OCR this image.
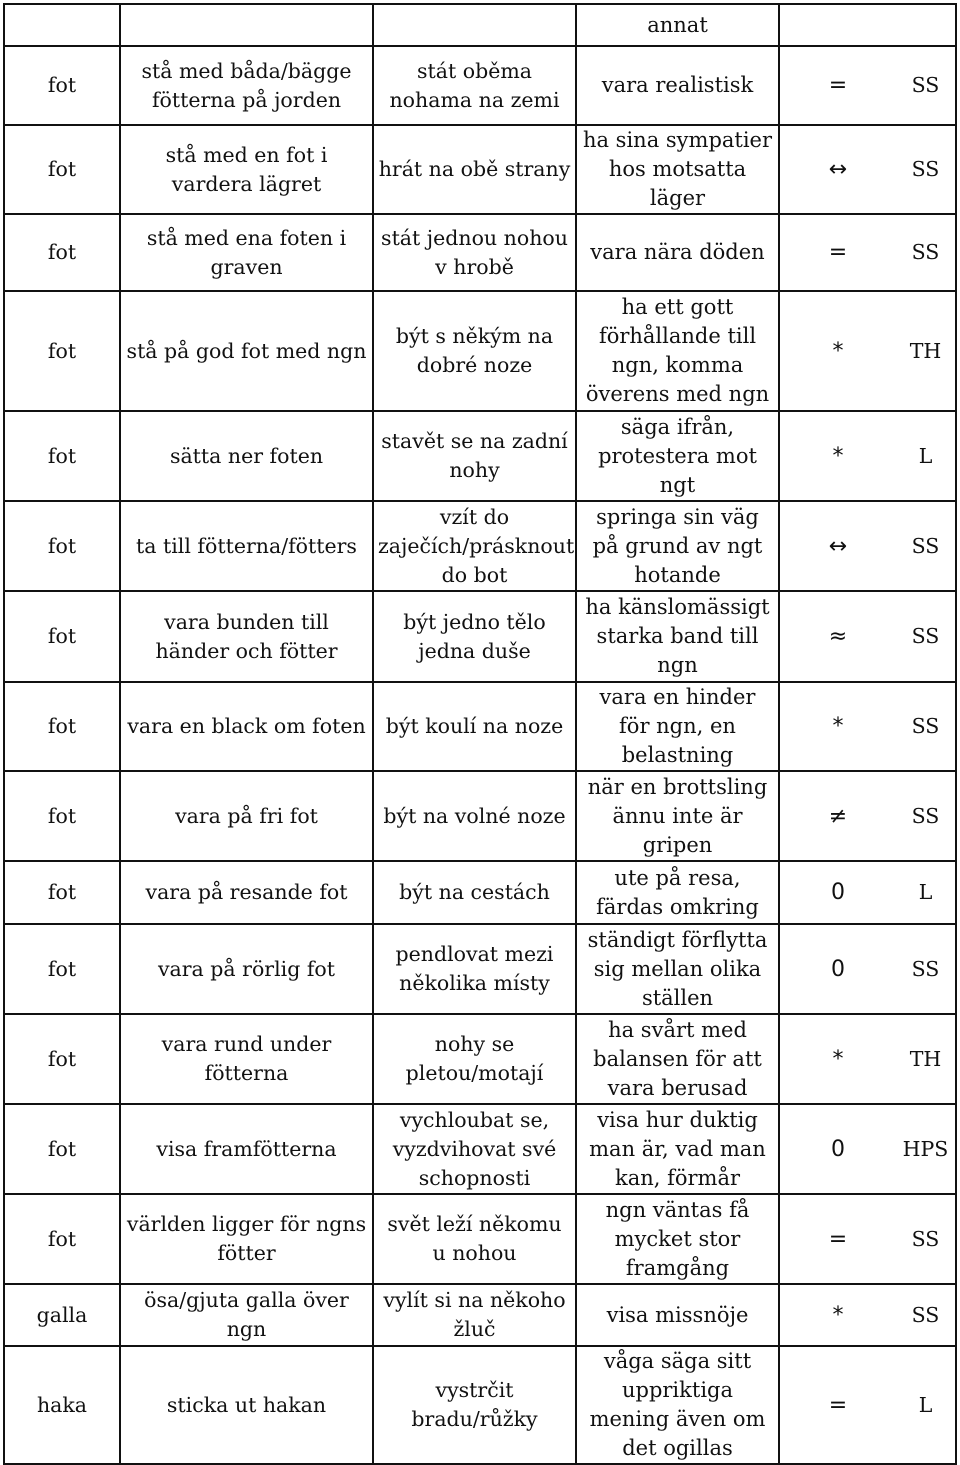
			annat		
fot	stå med båda/bägge fötterna på jorden	stát oběma nohama na zemi	vara realistisk	=	SS
fot	stå med en fot i vardera lägret	hrát na obě strany	ha sina sympatier hos motsatta läger	↔	SS
fot	stå med ena foten i graven	stát jednou nohou v hrobě	vara nära döden	=	SS
fot	stå på god fot med ngn	být s někým na dobré noze	ha ett gott förhållande till ngn, komma överens med ngn	*	TH
fot	sätta ner foten	stavět se na zadní nohy	säga ifrån, protestera mot ngt	*	L
fot	ta till fötterna/fötters	vzít do zaječích/prásknout do bot	springa sin väg på grund av ngt hotande	↔	SS
fot	vara bunden till händer och fötter	být jedno tělo jedna duše	ha känslomässigt starka band till ngn	≈	SS
fot	vara en black om foten	být koulí na noze	vara en hinder för ngn, en belastning	*	SS
fot	vara på fri fot	být na volné noze	när en brottsling ännu inte är gripen	≠	SS
fot	vara på resande fot	být na cestách	ute på resa, färdas omkring	0	L
fot	vara på rörlig fot	pendlovat mezi několika místy	ständigt förflytta sig mellan olika ställen	0	SS
fot	vara rund under fötterna	nohy se pletou/motají	ha svårt med balansen för att vara berusad	*	TH
fot	visa framfötterna	vychloubat se, vyzdvihovat své schopnosti	visa hur duktig man är, vad man kan, förmår	0	HPS
fot	världen ligger för ngns fötter	svět leží někomu u nohou	ngn väntas få mycket stor framgång	=	SS
galla	ösa/gjuta galla över ngn	vylít si na někoho žluč	visa missnöje	*	SS
haka	sticka ut hakan	vystrčit bradu/růžky	våga säga sitt uppriktiga mening även om det ogillas	=	L
